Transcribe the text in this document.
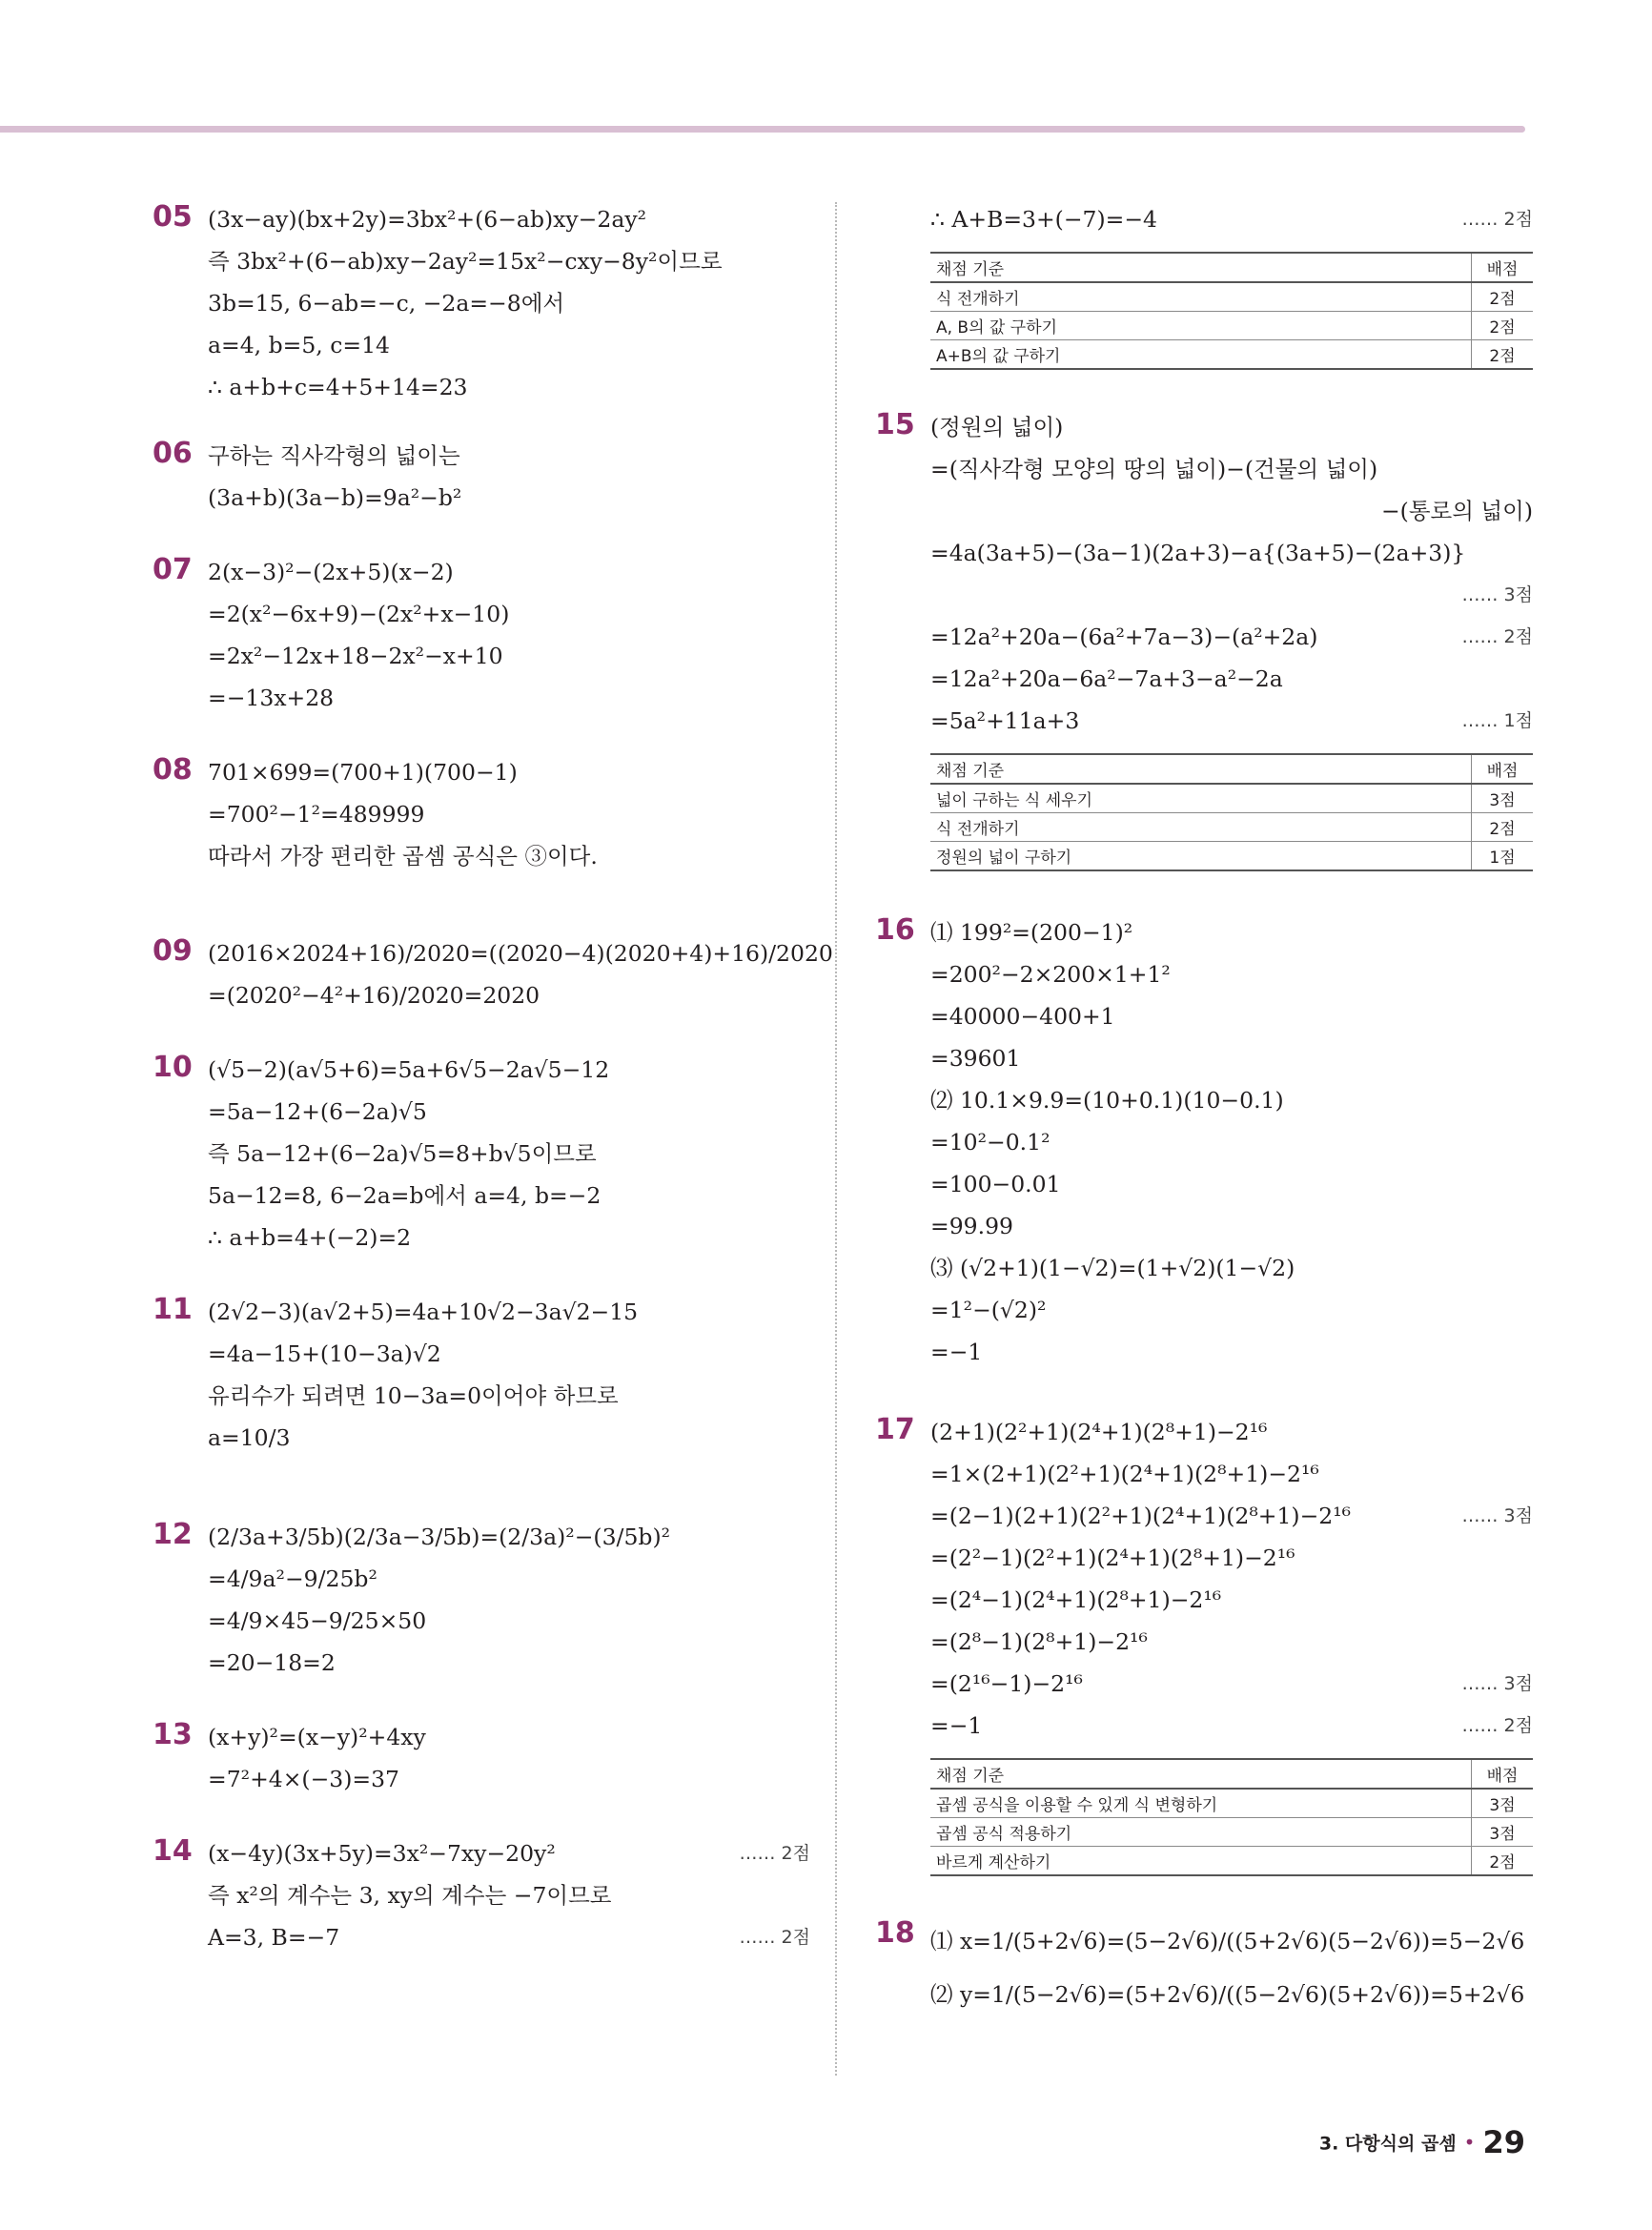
05 (3x−ay)(bx+2y)=3bx²+(6−ab)xy−2ay²
즉 3bx²+(6−ab)xy−2ay²=15x²−cxy−8y²이므로
3b=15, 6−ab=−c, −2a=−8에서
a=4, b=5, c=14
∴ a+b+c=4+5+14=23
06 구하는 직사각형의 넓이는
(3a+b)(3a−b)=9a²−b²
07 2(x−3)²−(2x+5)(x−2)
=2(x²−6x+9)−(2x²+x−10)
=2x²−12x+18−2x²−x+10
=−13x+28
08 701×699=(700+1)(700−1)
=700²−1²=489999
따라서 가장 편리한 곱셈 공식은 ③이다.
09 (2016×2024+16)/2020=((2020−4)(2020+4)+16)/2020
=(2020²−4²+16)/2020=2020
10 (√5−2)(a√5+6)=5a+6√5−2a√5−12
=5a−12+(6−2a)√5
즉 5a−12+(6−2a)√5=8+b√5이므로
5a−12=8, 6−2a=b에서 a=4, b=−2
∴ a+b=4+(−2)=2
11 (2√2−3)(a√2+5)=4a+10√2−3a√2−15
=4a−15+(10−3a)√2
유리수가 되려면 10−3a=0이어야 하므로
a=10/3
12 (2/3a+3/5b)(2/3a−3/5b)=(2/3a)²−(3/5b)²
=4/9a²−9/25b²
=4/9×45−9/25×50
=20−18=2
13 (x+y)²=(x−y)²+4xy
=7²+4×(−3)=37
14 (x−4y)(3x+5y)=3x²−7xy−20y²	…… 2점
즉 x²의 계수는 3, xy의 계수는 −7이므로
A=3, B=−7	…… 2점
∴ A+B=3+(−7)=−4	…… 2점
채점 기준	배점
식 전개하기	2점
A, B의 값 구하기	2점
A+B의 값 구하기	2점
15 (정원의 넓이)
=(직사각형 모양의 땅의 넓이)−(건물의 넓이)
−(통로의 넓이)
=4a(3a+5)−(3a−1)(2a+3)−a{(3a+5)−(2a+3)}
…… 3점
=12a²+20a−(6a²+7a−3)−(a²+2a)	…… 2점
=12a²+20a−6a²−7a+3−a²−2a
=5a²+11a+3	…… 1점
채점 기준	배점
넓이 구하는 식 세우기	3점
식 전개하기	2점
정원의 넓이 구하기	1점
16 ⑴ 199²=(200−1)²
=200²−2×200×1+1²
=40000−400+1
=39601
⑵ 10.1×9.9=(10+0.1)(10−0.1)
=10²−0.1²
=100−0.01
=99.99
⑶ (√2+1)(1−√2)=(1+√2)(1−√2)
=1²−(√2)²
=−1
17 (2+1)(2²+1)(2⁴+1)(2⁸+1)−2¹⁶
=1×(2+1)(2²+1)(2⁴+1)(2⁸+1)−2¹⁶
=(2−1)(2+1)(2²+1)(2⁴+1)(2⁸+1)−2¹⁶	…… 3점
=(2²−1)(2²+1)(2⁴+1)(2⁸+1)−2¹⁶
=(2⁴−1)(2⁴+1)(2⁸+1)−2¹⁶
=(2⁸−1)(2⁸+1)−2¹⁶
=(2¹⁶−1)−2¹⁶	…… 3점
=−1	…… 2점
채점 기준	배점
곱셈 공식을 이용할 수 있게 식 변형하기	3점
곱셈 공식 적용하기	3점
바르게 계산하기	2점
18 ⑴ x=1/(5+2√6)=(5−2√6)/((5+2√6)(5−2√6))=5−2√6
⑵ y=1/(5−2√6)=(5+2√6)/((5−2√6)(5+2√6))=5+2√6
3. 다항식의 곱셈 • 29
